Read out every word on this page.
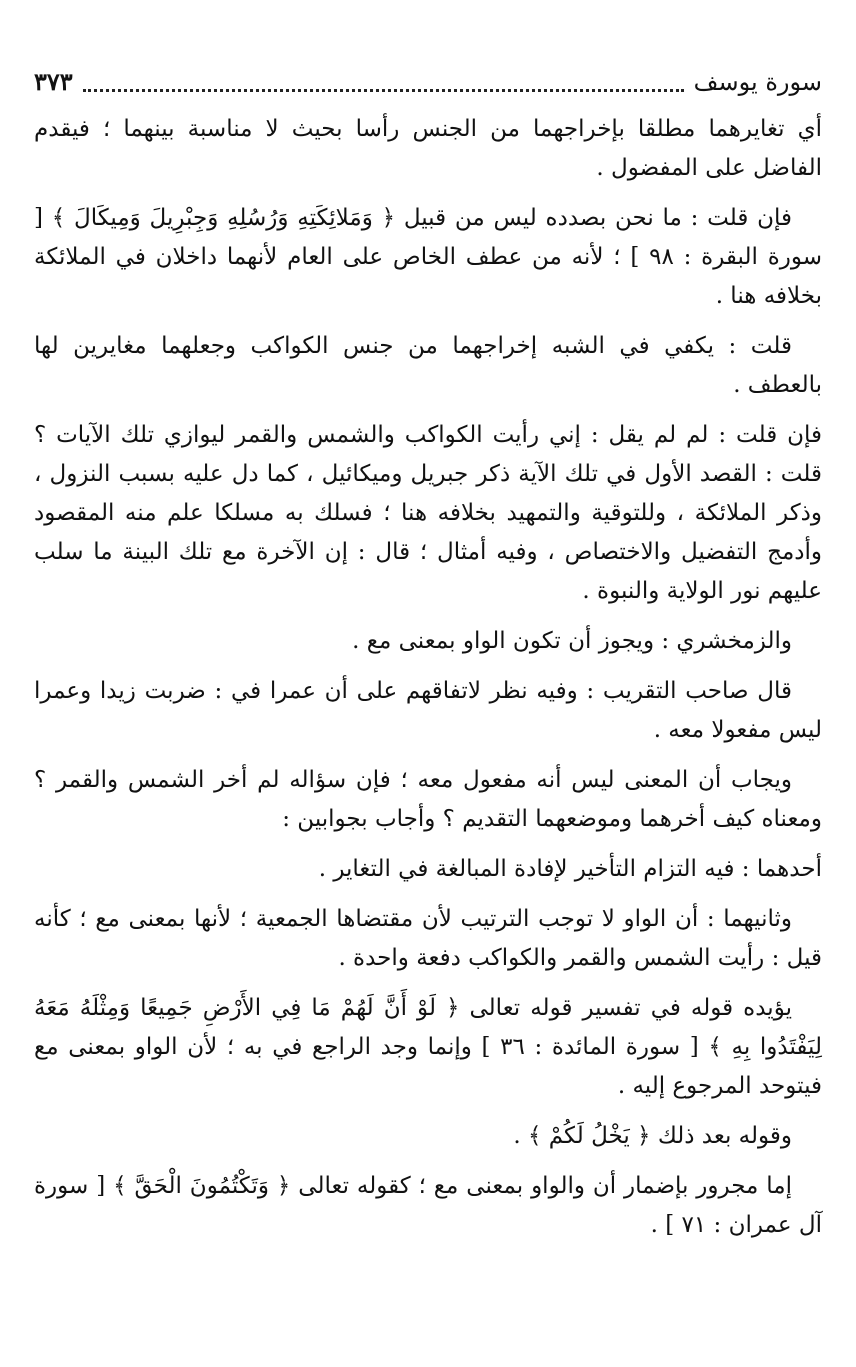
سورة يوسف
٣٧٣

أي تغايرهما مطلقا بإخراجهما من الجنس رأسا بحيث لا مناسبة بينهما ؛ فيقدم الفاضل على المفضول .

فإن قلت : ما نحن بصدده ليس من قبيل ﴿ وَمَلائِكَتِهِ وَرُسُلِهِ وَجِبْرِيلَ وَمِيكَالَ ﴾ [ سورة البقرة : ٩٨ ] ؛ لأنه من عطف الخاص على العام لأنهما داخلان في الملائكة بخلافه هنا .

قلت : يكفي في الشبه إخراجهما من جنس الكواكب وجعلهما مغايرين لها بالعطف .

فإن قلت : لم لم يقل : إني رأيت الكواكب والشمس والقمر ليوازي تلك الآيات ؟ قلت : القصد الأول في تلك الآية ذكر جبريل وميكائيل ، كما دل عليه بسبب النزول ، وذكر الملائكة ، وللتوقية والتمهيد بخلافه هنا ؛ فسلك به مسلكا علم منه المقصود وأدمج التفضيل والاختصاص ، وفيه أمثال ؛ قال : إن الآخرة مع تلك البينة ما سلب عليهم نور الولاية والنبوة .

والزمخشري : ويجوز أن تكون الواو بمعنى مع .

قال صاحب التقريب : وفيه نظر لاتفاقهم على أن عمرا في : ضربت زيدا وعمرا ليس مفعولا معه .

ويجاب أن المعنى ليس أنه مفعول معه ؛ فإن سؤاله لم أخر الشمس والقمر ؟ ومعناه كيف أخرهما وموضعهما التقديم ؟ وأجاب بجوابين :

أحدهما : فيه التزام التأخير لإفادة المبالغة في التغاير .

وثانيهما : أن الواو لا توجب الترتيب لأن مقتضاها الجمعية ؛ لأنها بمعنى مع ؛ كأنه قيل : رأيت الشمس والقمر والكواكب دفعة واحدة .

يؤيده قوله في تفسير قوله تعالى ﴿ لَوْ أَنَّ لَهُمْ مَا فِي الأَرْضِ جَمِيعًا وَمِثْلَهُ مَعَهُ لِيَفْتَدُوا بِهِ ﴾ [ سورة المائدة : ٣٦ ] وإنما وجد الراجع في به ؛ لأن الواو بمعنى مع فيتوحد المرجوع إليه .

وقوله بعد ذلك ﴿ يَخْلُ لَكُمْ ﴾ .

إما مجرور بإضمار أن والواو بمعنى مع ؛ كقوله تعالى ﴿ وَتَكْتُمُونَ الْحَقَّ ﴾ [ سورة آل عمران : ٧١ ] .
